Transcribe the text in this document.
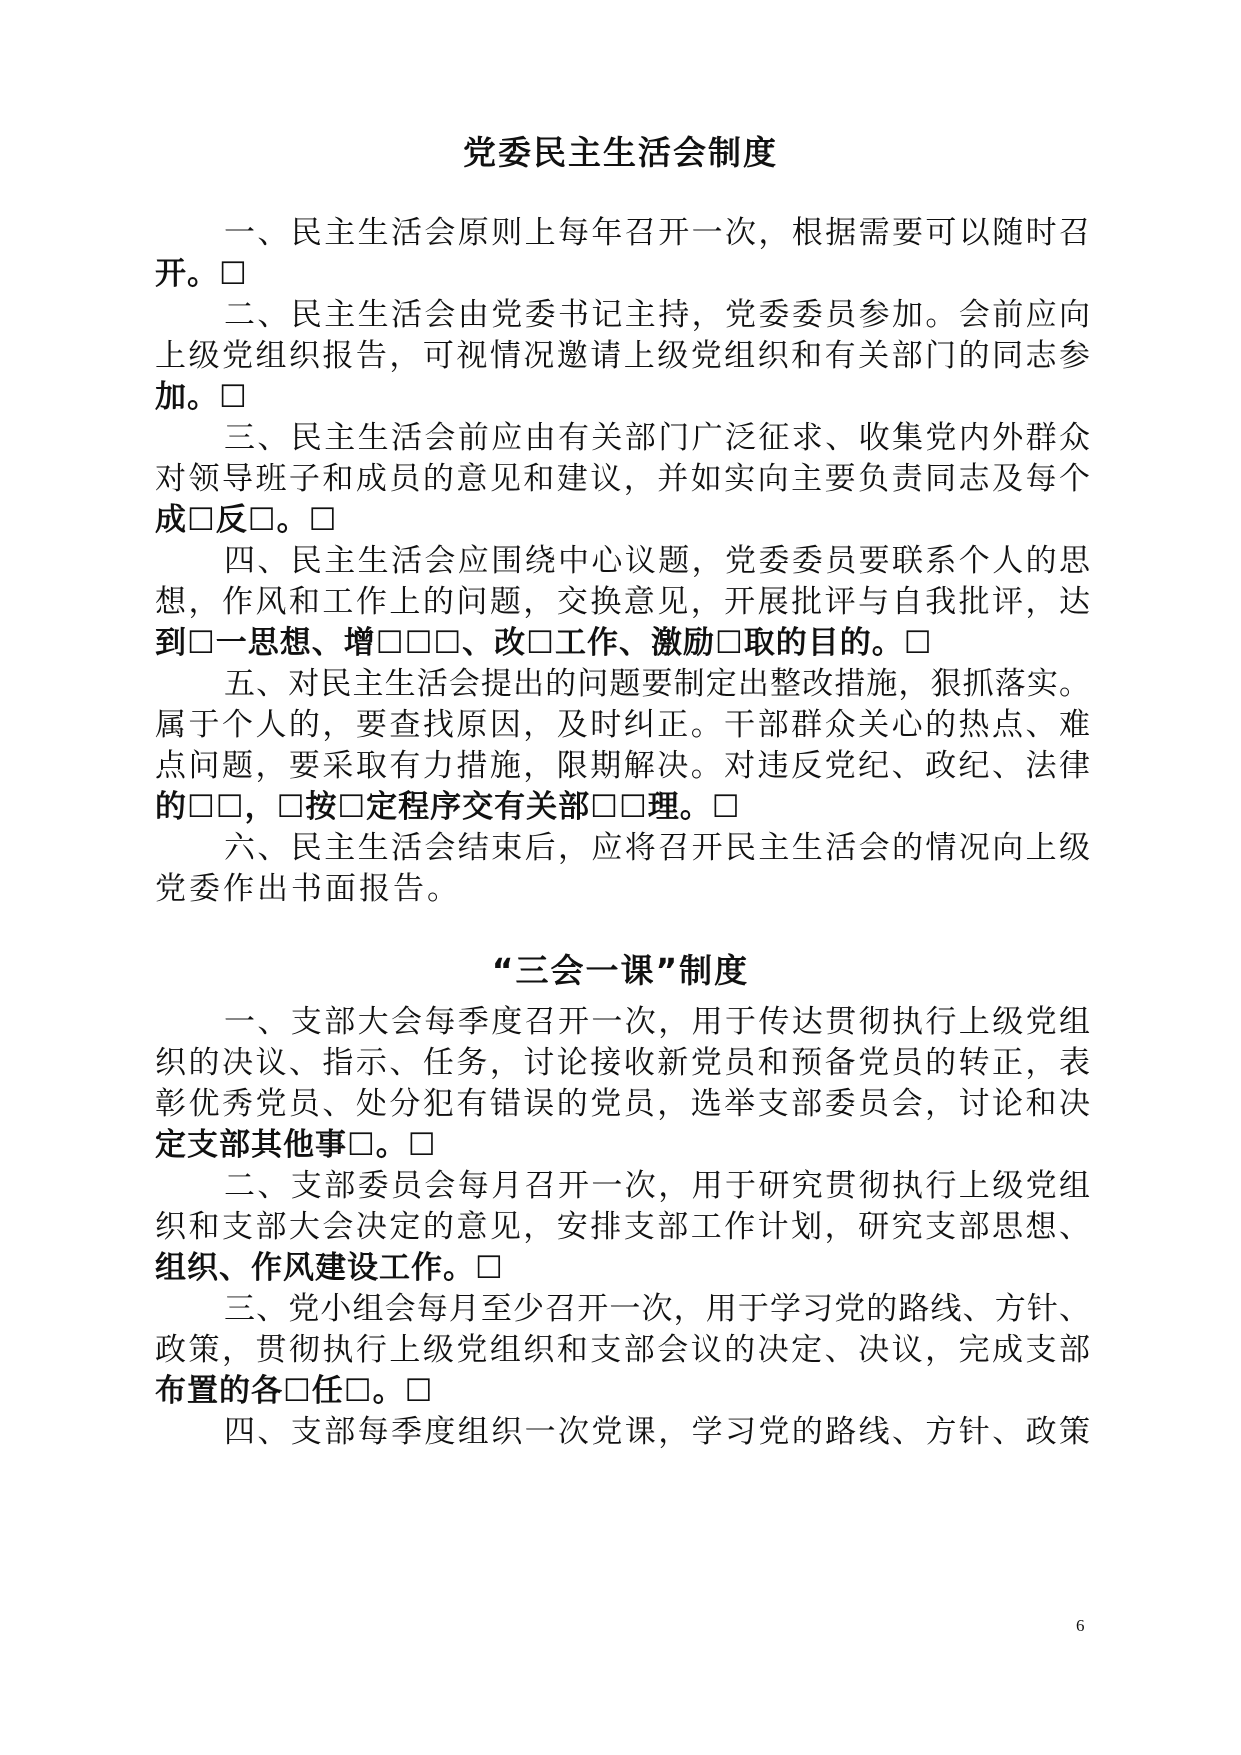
党委民主生活会制度
一、民主生活会原则上每年召开一次，根据需要可以随时召
开。☐
二、民主生活会由党委书记主持，党委委员参加。会前应向
上级党组织报告，可视情况邀请上级党组织和有关部门的同志参
加。☐
三、民主生活会前应由有关部门广泛征求、收集党内外群众
对领导班子和成员的意见和建议，并如实向主要负责同志及每个
成☐反☐。☐
四、民主生活会应围绕中心议题，党委委员要联系个人的思
想，作风和工作上的问题，交换意见，开展批评与自我批评，达
到☐一思想、增☐☐☐、改☐工作、激励☐取的目的。☐
五、对民主生活会提出的问题要制定出整改措施，狠抓落实。
属于个人的，要查找原因，及时纠正。干部群众关心的热点、难
点问题，要采取有力措施，限期解决。对违反党纪、政纪、法律
的☐☐，☐按☐定程序交有关部☐☐理。☐
六、民主生活会结束后，应将召开民主生活会的情况向上级
党委作出书面报告。
“三会一课”制度
一、支部大会每季度召开一次，用于传达贯彻执行上级党组
织的决议、指示、任务，讨论接收新党员和预备党员的转正，表
彰优秀党员、处分犯有错误的党员，选举支部委员会，讨论和决
定支部其他事☐。☐
二、支部委员会每月召开一次，用于研究贯彻执行上级党组
织和支部大会决定的意见，安排支部工作计划，研究支部思想、
组织、作风建设工作。☐
三、党小组会每月至少召开一次，用于学习党的路线、方针、
政策，贯彻执行上级党组织和支部会议的决定、决议，完成支部
布置的各☐任☐。☐
四、支部每季度组织一次党课，学习党的路线、方针、政策
6
